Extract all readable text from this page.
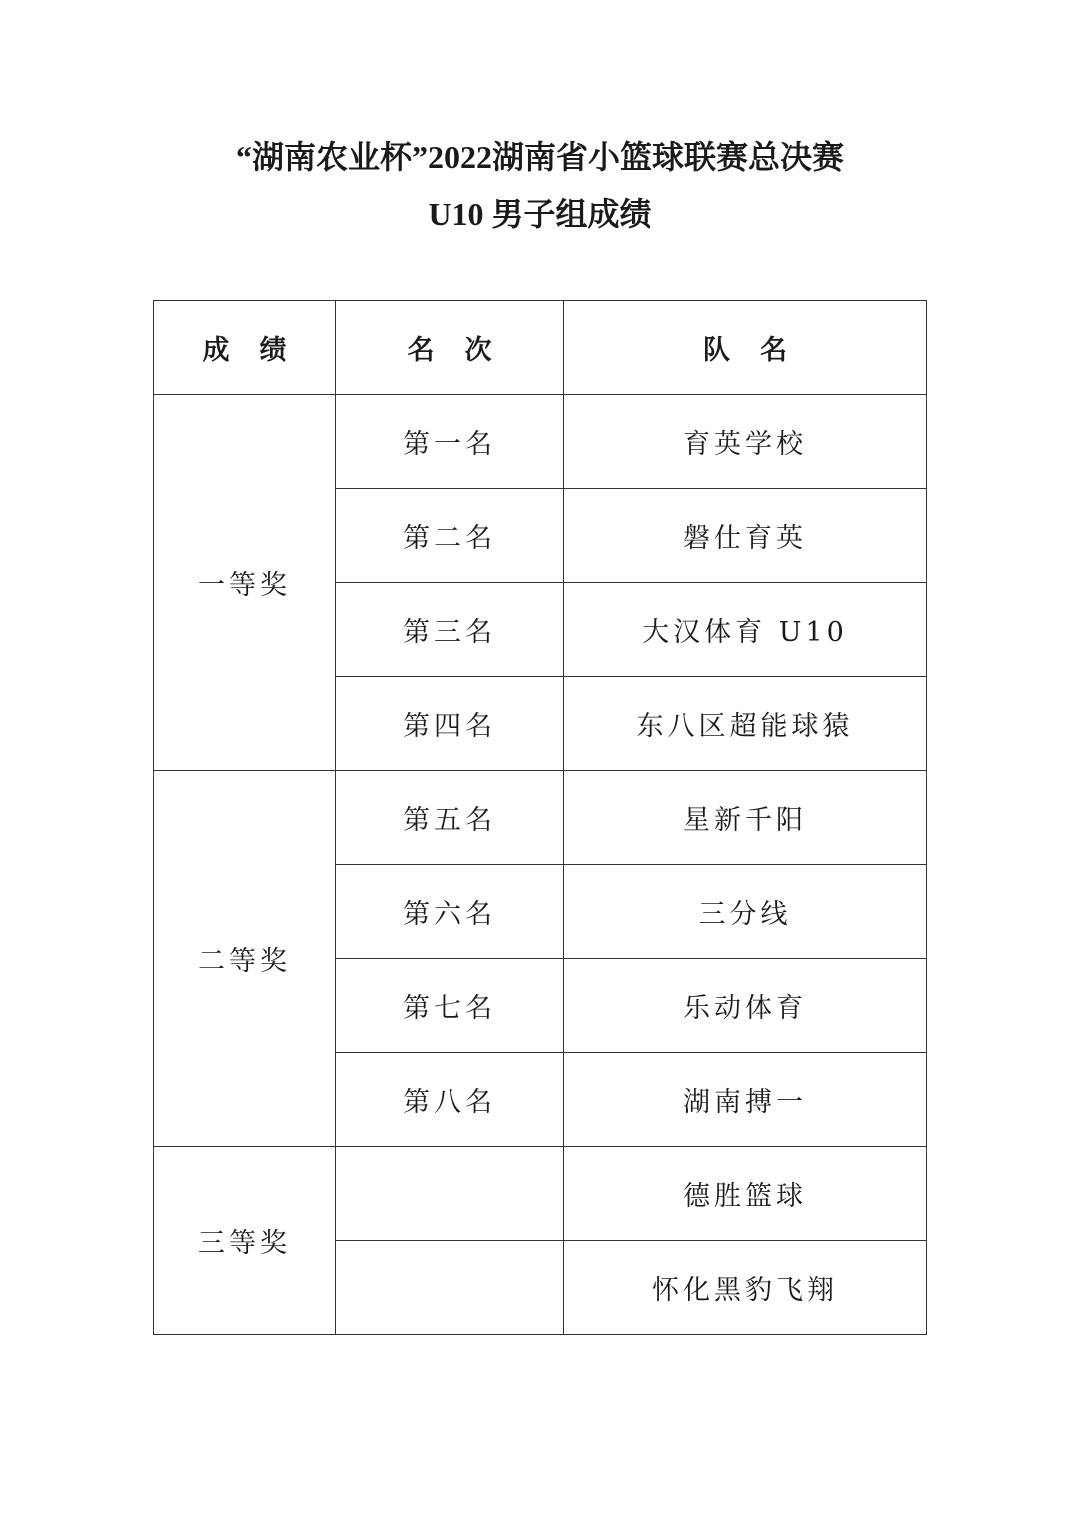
“湖南农业杯”2022湖南省小篮球联赛总决赛
U10 男子组成绩
成绩	名次	队名
一等奖	第一名	育英学校
	第二名	磐仕育英
	第三名	大汉体育 U10
	第四名	东八区超能球猿
二等奖	第五名	星新千阳
	第六名	三分线
	第七名	乐动体育
	第八名	湖南搏一
三等奖		德胜篮球
		怀化黑豹飞翔
